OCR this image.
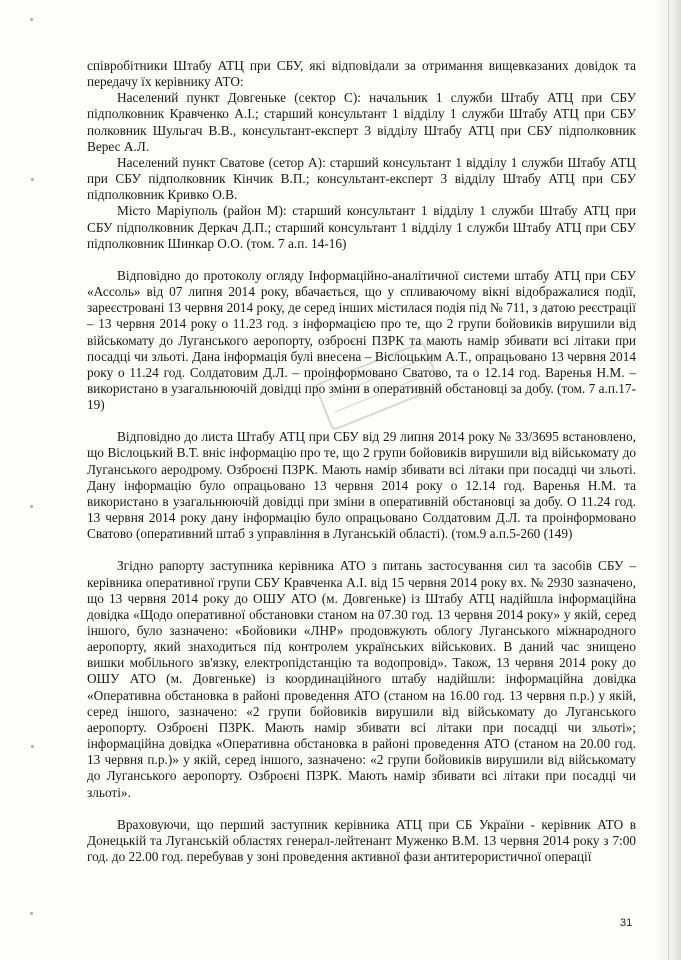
співробітники Штабу АТЦ при СБУ, які відповідали за отримання вищевказаних довідок та передачу їх керівнику АТО:

Населений пункт Довгеньке (сектор С): начальник 1 служби Штабу АТЦ при СБУ підполковник Кравченко А.І.; старший консультант 1 відділу 1 служби Штабу АТЦ при СБУ полковник Шульгач В.В., консультант-експерт 3 відділу Штабу АТЦ при СБУ підполковник Верес А.Л.

Населений пункт Сватове (сетор А): старший консультант 1 відділу 1 служби Штабу АТЦ при СБУ підполковник Кінчик В.П.; консультант-експерт 3 відділу Штабу АТЦ при СБУ підполковник Кривко О.В.

Місто Маріуполь (район М): старший консультант 1 відділу 1 служби Штабу АТЦ при СБУ підполковник Деркач Д.П.; старший консультант 1 відділу 1 служби Штабу АТЦ при СБУ підполковник Шинкар О.О. (том. 7 а.п. 14-16)

Відповідно до протоколу огляду Інформаційно-аналітичної системи штабу АТЦ при СБУ «Ассоль» від 07 липня 2014 року, вбачається, що у спливаючому вікні відображалися події, зареєстровані 13 червня 2014 року, де серед інших містилася подія під № 711, з датою реєстрації – 13 червня 2014 року о 11.23 год. з інформацією про те, що 2 групи бойовиків вирушили від військомату до Луганського аеропорту, озброєні ПЗРК та мають намір збивати всі літаки при посадці чи зльоті. Дана інформація булі внесена – Віслоцьким А.Т., опрацьовано 13 червня 2014 року о 11.24 год. Солдатовим Д.Л. – проінформовано Сватово, та о 12.14 год. Варенья Н.М. – використано в узагальнюючій довідці про зміни в оперативній обстановці за добу. (том. 7 а.п.17-19)

Відповідно до листа Штабу АТЦ при СБУ від 29 липня 2014 року № 33/3695 встановлено, що Віслоцький В.Т. вніс інформацію про те, що 2 групи бойовиків вирушили від військомату до Луганського аеродрому. Озброєні ПЗРК. Мають намір збивати всі літаки при посадці чи зльоті. Дану інформацію було опрацьовано 13 червня 2014 року о 12.14 год. Варенья Н.М. та використано в узагальнюючій довідці при зміни в оперативній обстановці за добу. О 11.24 год. 13 червня 2014 року дану інформацію було опрацьовано Солдатовим Д.Л. та проінформовано Сватово (оперативний штаб з управління в Луганській області). (том.9 а.п.5-260 (149)

Згідно рапорту заступника керівника АТО з питань застосування сил та засобів СБУ – керівника оперативної групи СБУ Кравченка А.І. від 15 червня 2014 року вх. № 2930 зазначено, що 13 червня 2014 року до ОШУ АТО (м. Довгеньке) із Штабу АТЦ надійшла інформаційна довідка «Щодо оперативної обстановки станом на 07.30 год. 13 червня 2014 року» у якій, серед іншого, було зазначено: «Бойовики «ЛНР» продовжують облогу Луганського міжнародного аеропорту, який знаходиться під контролем українських військових. В даний час знищено вишки мобільного зв'язку, електропідстанцію та водопровід». Також, 13 червня 2014 року до ОШУ АТО (м. Довгеньке) із координаційного штабу надійшли: інформаційна довідка «Оперативна обстановка в районі проведення АТО (станом на 16.00 год. 13 червня п.р.) у якій, серед іншого, зазначено: «2 групи бойовиків вирушили від військомату до Луганського аеропорту. Озброєні ПЗРК. Мають намір збивати всі літаки при посадці чи зльоті»; інформаційна довідка «Оперативна обстановка в районі проведення АТО (станом на 20.00 год. 13 червня п.р.)» у якій, серед іншого, зазначено: «2 групи бойовиків вирушили від військомату до Луганського аеропорту. Озброєні ПЗРК. Мають намір збивати всі літаки при посадці чи зльоті».

Враховуючи, що перший заступник керівника АТЦ при СБ України - керівник АТО в Донецькій та Луганській областях генерал-лейтенант Муженко В.М. 13 червня 2014 року з 7:00 год. до 22.00 год. перебував у зоні проведення активної фази антитерористичної операції

31
